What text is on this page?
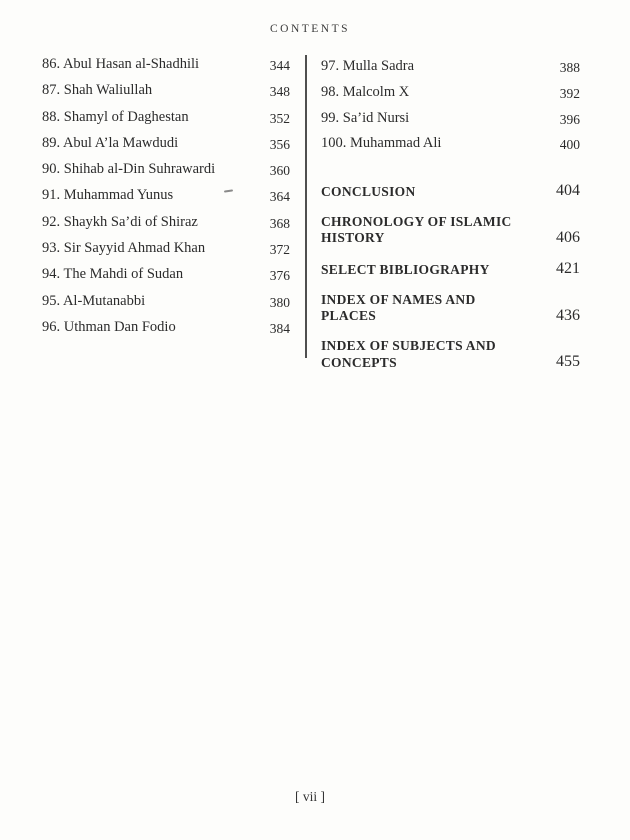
CONTENTS
86. Abul Hasan al-Shadhili	344
87. Shah Waliullah	348
88. Shamyl of Daghestan	352
89. Abul A’la Mawdudi	356
90. Shihab al-Din Suhrawardi	360
91. Muhammad Yunus	364
92. Shaykh Sa’di of Shiraz	368
93. Sir Sayyid Ahmad Khan	372
94. The Mahdi of Sudan	376
95. Al-Mutanabbi	380
96. Uthman Dan Fodio	384
97. Mulla Sadra	388
98. Malcolm X	392
99. Sa’id Nursi	396
100. Muhammad Ali	400
CONCLUSION	404
CHRONOLOGY OF ISLAMIC HISTORY	406
SELECT BIBLIOGRAPHY	421
INDEX OF NAMES AND PLACES	436
INDEX OF SUBJECTS AND CONCEPTS	455
[ vii ]
